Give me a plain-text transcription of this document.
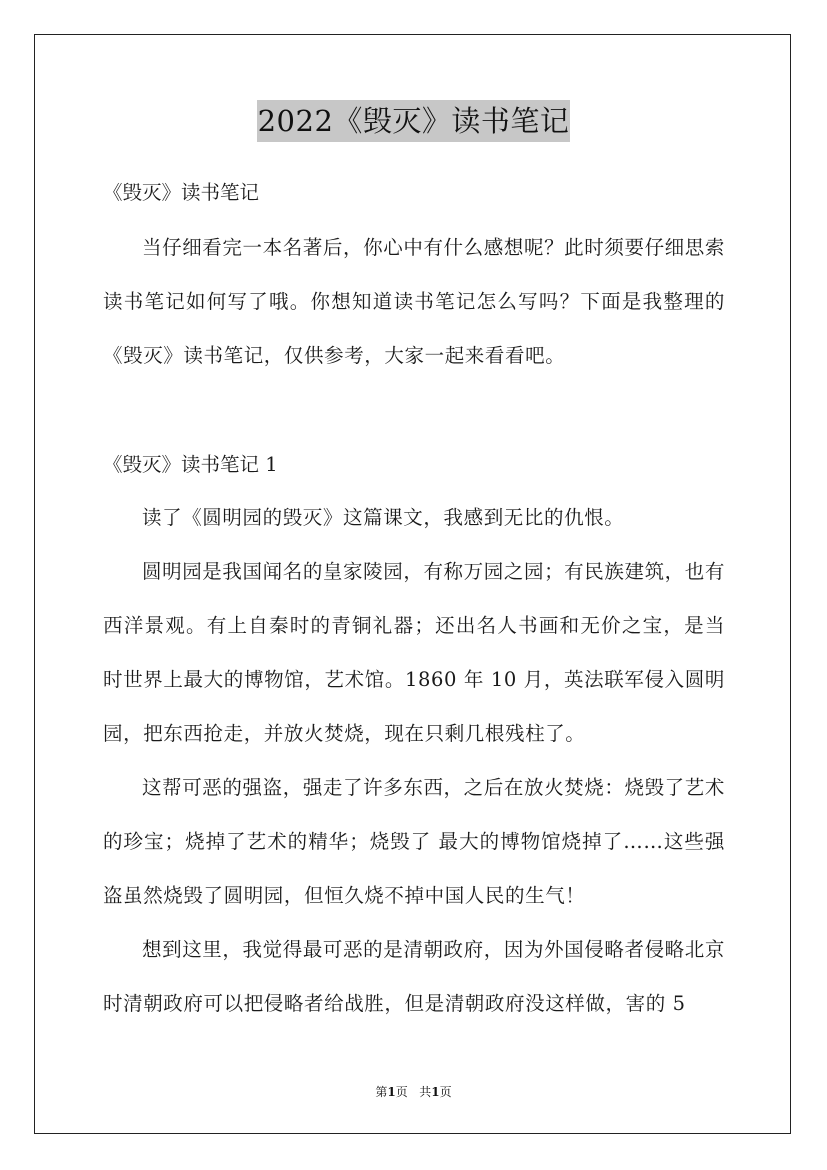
2022《毁灭》读书笔记
《毁灭》读书笔记

当仔细看完一本名著后，你心中有什么感想呢？此时须要仔细思索读书笔记如何写了哦。你想知道读书笔记怎么写吗？下面是我整理的《毁灭》读书笔记，仅供参考，大家一起来看看吧。

《毁灭》读书笔记 1

读了《圆明园的毁灭》这篇课文，我感到无比的仇恨。

圆明园是我国闻名的皇家陵园，有称万园之园；有民族建筑，也有西洋景观。有上自秦时的青铜礼器；还出名人书画和无价之宝，是当时世界上最大的博物馆，艺术馆。1860 年 10 月，英法联军侵入圆明园，把东西抢走，并放火焚烧，现在只剩几根残柱了。

这帮可恶的强盗，强走了许多东西，之后在放火焚烧：烧毁了艺术的珍宝；烧掉了艺术的精华；烧毁了 最大的博物馆烧掉了……这些强盗虽然烧毁了圆明园，但恒久烧不掉中国人民的生气！

想到这里，我觉得最可恶的是清朝政府，因为外国侵略者侵略北京时清朝政府可以把侵略者给战胜，但是清朝政府没这样做，害的 5

第1页 共1页
